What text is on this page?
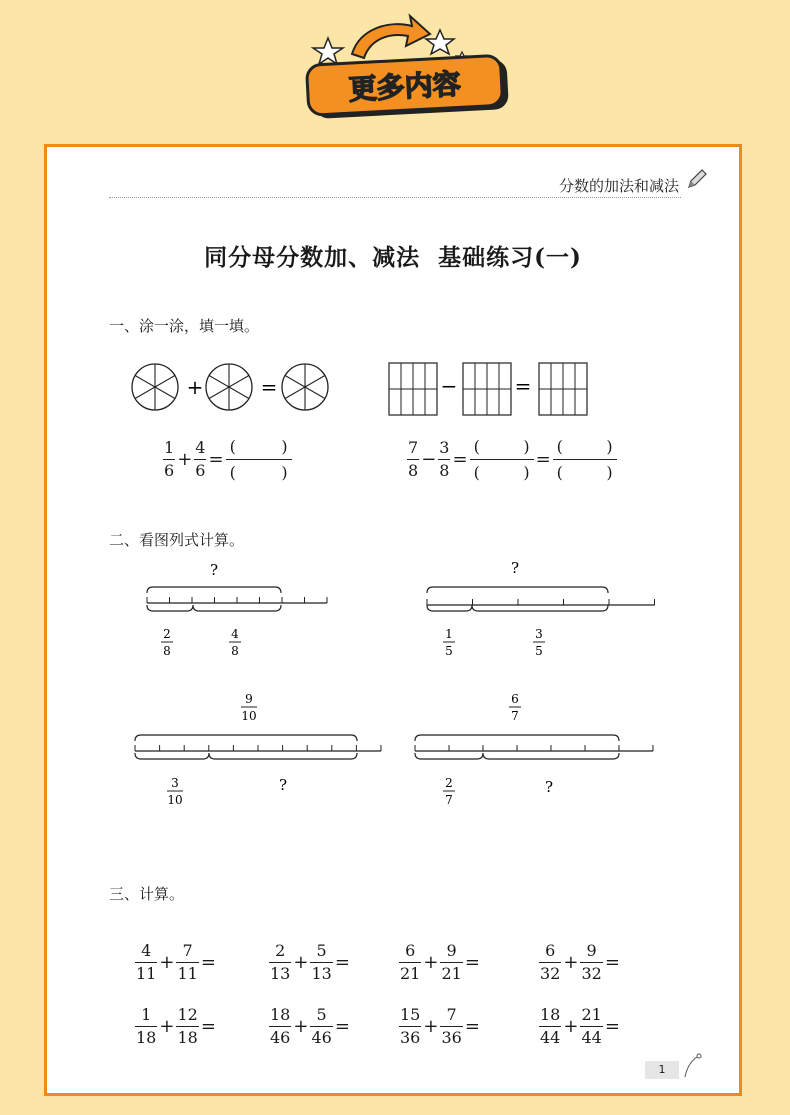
更多内容
分数的加法和减法
同分母分数加、减法  基础练习(一)
一、涂一涂，填一填。
+	=	−	=
$\frac{1}{6} + \frac{4}{6}$ =
(	)
(	)	$\frac{7}{8} - \frac{3}{8}$ =
(	)
(	)
=
(	)
(	)
二、看图列式计算。
?
2
8
4
8
?
1
5
3
5
9
10
3
10
?
6
7
2
7
?
三、计算。
$\frac{4}{11} + \frac{7}{11}$ =	$\frac{2}{13} + \frac{5}{13}$ =	$\frac{6}{21} + \frac{9}{21}$ =	$\frac{6}{32} + \frac{9}{32}$ =
$\frac{1}{18} + \frac{12}{18}$ =	$\frac{18}{46} + \frac{5}{46}$ =	$\frac{15}{36} + \frac{7}{36}$ =	$\frac{18}{44} + \frac{21}{44}$ =
1
